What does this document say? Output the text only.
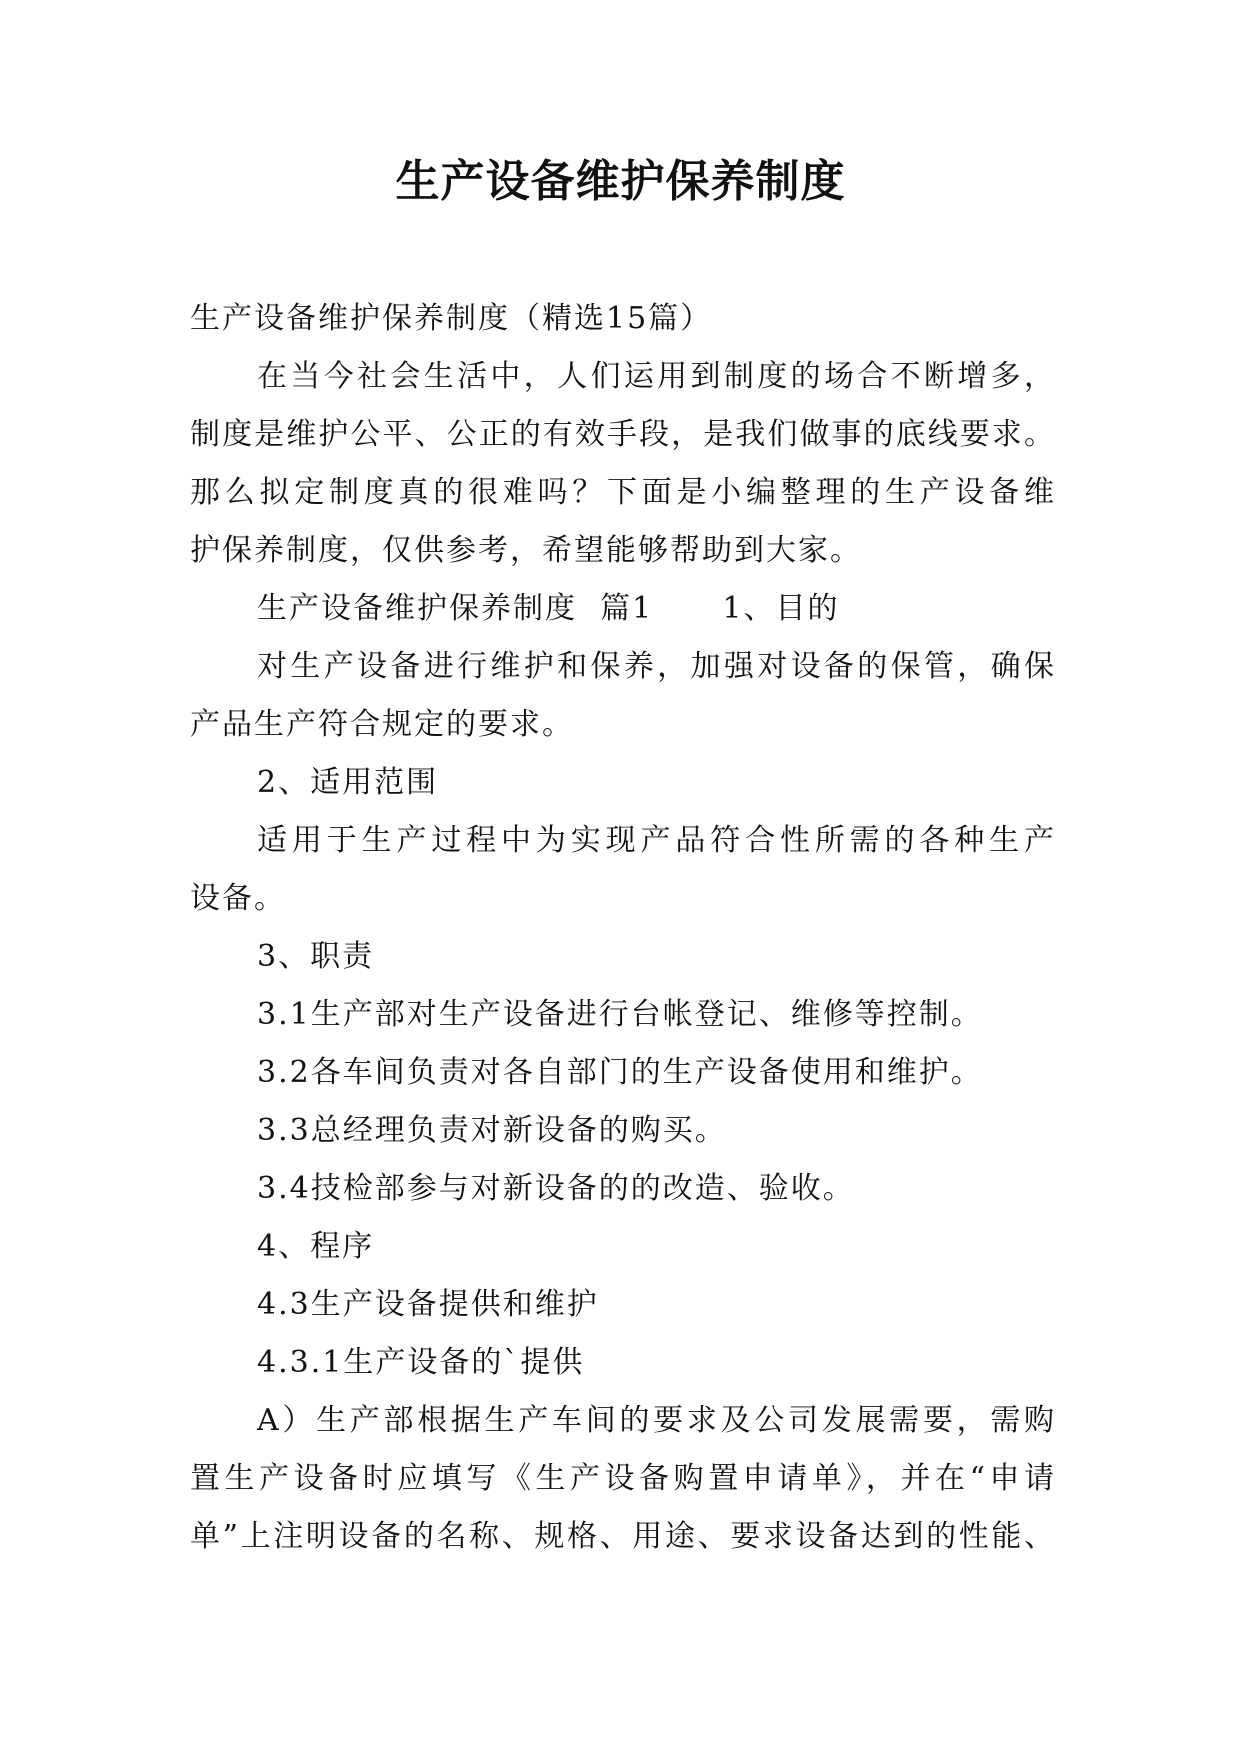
生产设备维护保养制度

生产设备维护保养制度（精选15篇）

在当今社会生活中，人们运用到制度的场合不断增多，

制度是维护公平、公正的有效手段，是我们做事的底线要求。

那么拟定制度真的很难吗？下面是小编整理的生产设备维

护保养制度，仅供参考，希望能够帮助到大家。

生产设备维护保养制度  篇1      1、目的

对生产设备进行维护和保养，加强对设备的保管，确保

产品生产符合规定的要求。

2、适用范围

适用于生产过程中为实现产品符合性所需的各种生产

设备。

3、职责

3.1生产部对生产设备进行台帐登记、维修等控制。

3.2各车间负责对各自部门的生产设备使用和维护。

3.3总经理负责对新设备的购买。

3.4技检部参与对新设备的的改造、验收。

4、程序

4.3生产设备提供和维护

4.3.1生产设备的`提供

A）生产部根据生产车间的要求及公司发展需要，需购

置生产设备时应填写《生产设备购置申请单》，并在“申请

单”上注明设备的名称、规格、用途、要求设备达到的性能、
